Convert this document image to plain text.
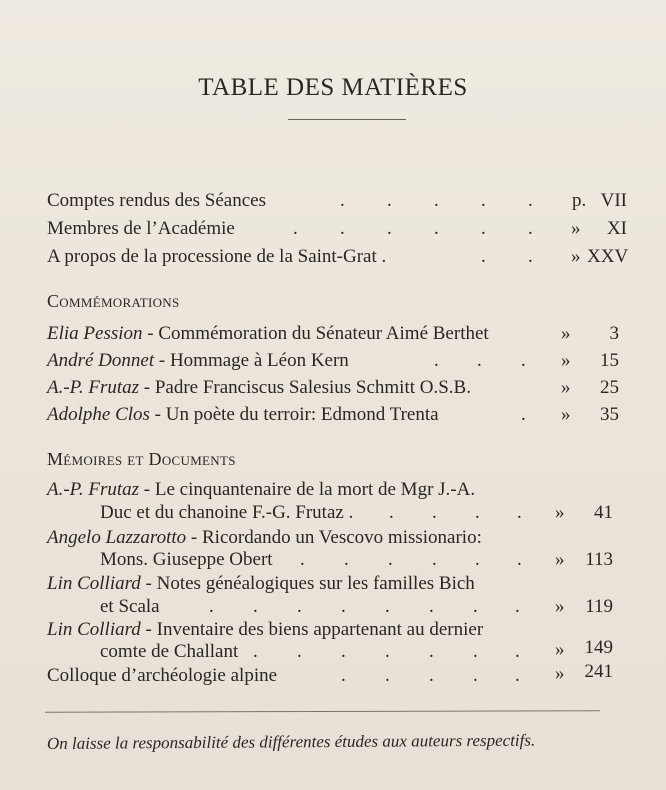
TABLE DES MATIÈRES
Comptes rendus des Séances	. . . . . p. VII
Membres de l’Académie	. . . . . . »	XI
A propos de la processione de la Saint-Grat .	. . » XXV
Commémorations
Elia Pession - Commémoration du Sénateur Aimé Berthet	»	3
André Donnet - Hommage à Léon Kern	. . . »	15
A.-P. Frutaz - Padre Franciscus Salesius Schmitt O.S.B.	»	25
Adolphe Clos - Un poète du terroir: Edmond Trenta	. »	35
Mémoires et Documents
A.-P. Frutaz - Le cinquantenaire de la mort de Mgr J.-A.
Duc et du chanoine F.-G. Frutaz . . . . . »	41
Angelo Lazzarotto - Ricordando un Vescovo missionario:
Mons. Giuseppe Obert . . . . . . »	113
Lin Colliard - Notes généalogiques sur les familles Bich
et Scala	. . . . . . . . »	119
Lin Colliard - Inventaire des biens appartenant au dernier
comte de Challant . . . . . . . »	149
Colloque d’archéologie alpine	. . . . . »	241
On laisse la responsabilité des différentes études aux auteurs respectifs.
